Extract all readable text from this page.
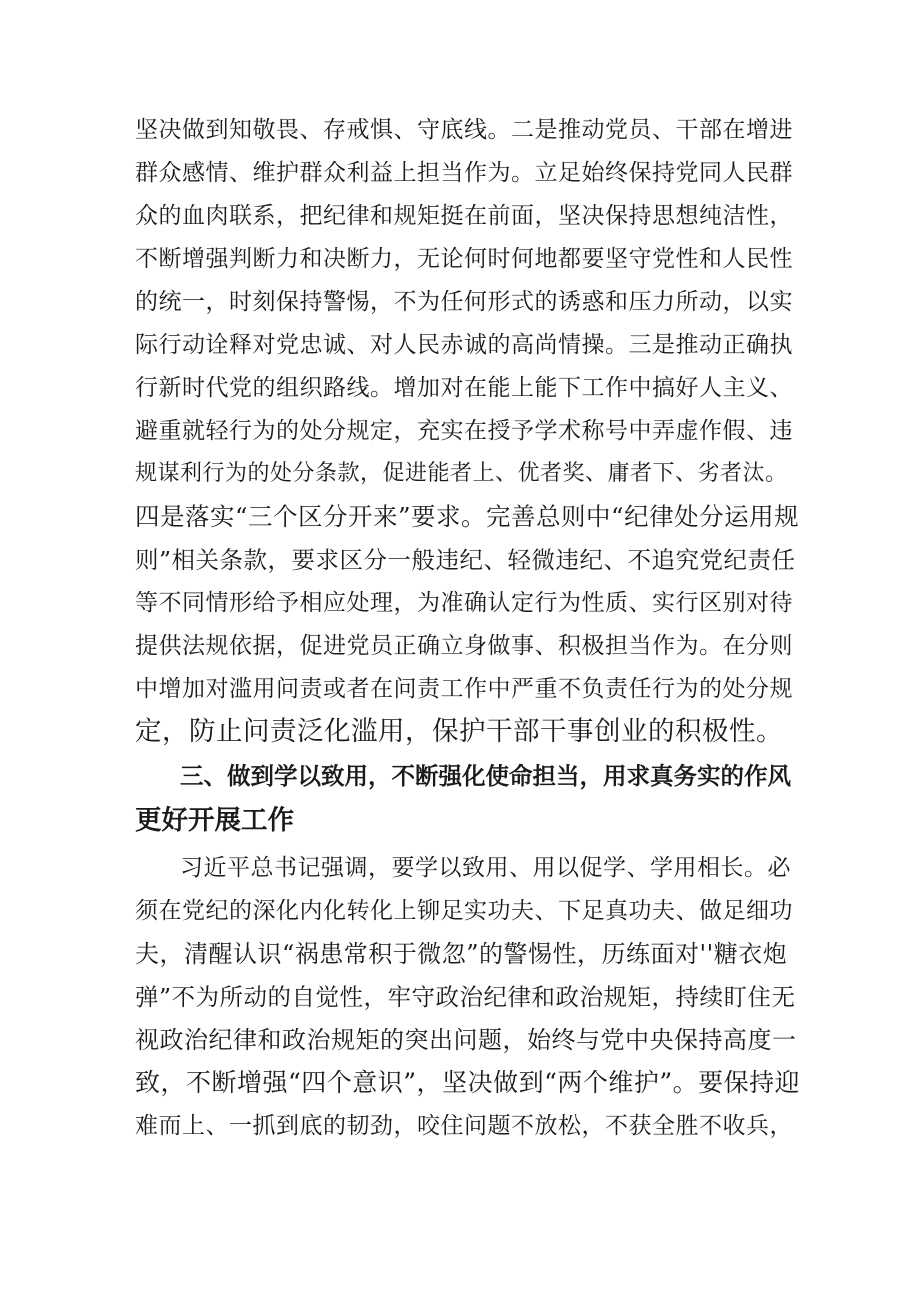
坚决做到知敬畏、存戒惧、守底线。二是推动党员、干部在增进
群众感情、维护群众利益上担当作为。立足始终保持党同人民群
众的血肉联系，把纪律和规矩挺在前面，坚决保持思想纯洁性，
不断增强判断力和决断力，无论何时何地都要坚守党性和人民性
的统一，时刻保持警惕，不为任何形式的诱惑和压力所动，以实
际行动诠释对党忠诚、对人民赤诚的高尚情操。三是推动正确执
行新时代党的组织路线。增加对在能上能下工作中搞好人主义、
避重就轻行为的处分规定，充实在授予学术称号中弄虚作假、违
规谋利行为的处分条款，促进能者上、优者奖、庸者下、劣者汰。
四是落实“三个区分开来”要求。完善总则中“纪律处分运用规
则”相关条款，要求区分一般违纪、轻微违纪、不追究党纪责任
等不同情形给予相应处理，为准确认定行为性质、实行区别对待
提供法规依据，促进党员正确立身做事、积极担当作为。在分则
中增加对滥用问责或者在问责工作中严重不负责任行为的处分规
定，防止问责泛化滥用，保护干部干事创业的积极性。
三、做到学以致用，不断强化使命担当，用求真务实的作风
更好开展工作
习近平总书记强调，要学以致用、用以促学、学用相长。必
须在党纪的深化内化转化上铆足实功夫、下足真功夫、做足细功
夫，清醒认识“祸患常积于微忽”的警惕性，历练面对''糖衣炮
弹”不为所动的自觉性，牢守政治纪律和政治规矩，持续盯住无
视政治纪律和政治规矩的突出问题，始终与党中央保持高度一
致，不断增强“四个意识”，坚决做到“两个维护”。要保持迎
难而上、一抓到底的韧劲，咬住问题不放松，不获全胜不收兵，
